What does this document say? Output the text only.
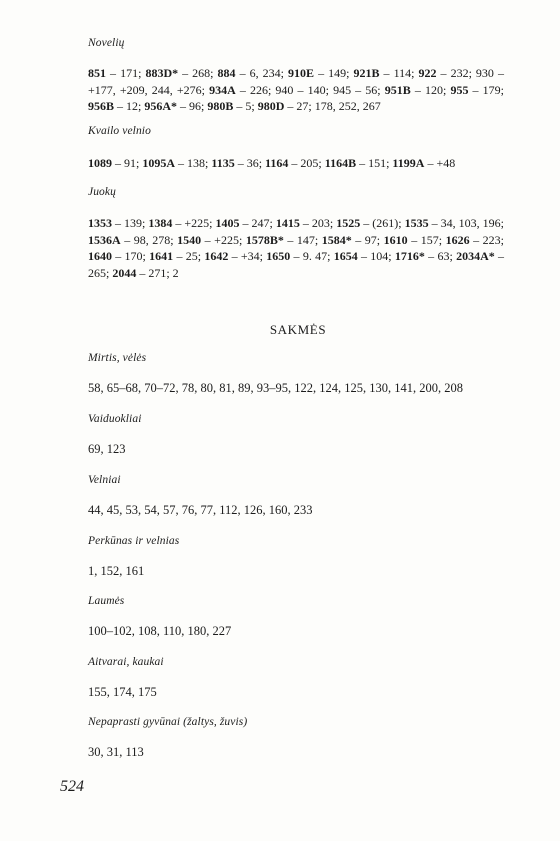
Novelių
851 – 171; 883D* – 268; 884 – 6, 234; 910E – 149; 921B – 114; 922 – 232; 930 – +177, +209, 244, +276; 934A – 226; 940 – 140; 945 – 56; 951B – 120; 955 – 179; 956B – 12; 956A* – 96; 980B – 5; 980D – 27; 178, 252, 267
Kvailo velnio
1089 – 91; 1095A – 138; 1135 – 36; 1164 – 205; 1164B – 151; 1199A – +48
Juokų
1353 – 139; 1384 – +225; 1405 – 247; 1415 – 203; 1525 – (261); 1535 – 34, 103, 196; 1536A – 98, 278; 1540 – +225; 1578B* – 147; 1584* – 97; 1610 – 157; 1626 – 223; 1640 – 170; 1641 – 25; 1642 – +34; 1650 – 9. 47; 1654 – 104; 1716* – 63; 2034A* – 265; 2044 – 271; 2
SAKMĖS
Mirtis, vėlės
58, 65–68, 70–72, 78, 80, 81, 89, 93–95, 122, 124, 125, 130, 141, 200, 208
Vaiduokliai
69, 123
Velniai
44, 45, 53, 54, 57, 76, 77, 112, 126, 160, 233
Perkūnas ir velnias
1, 152, 161
Laumės
100–102, 108, 110, 180, 227
Aitvarai, kaukai
155, 174, 175
Nepaprasti gyvūnai (žaltys, žuvis)
30, 31, 113
524
